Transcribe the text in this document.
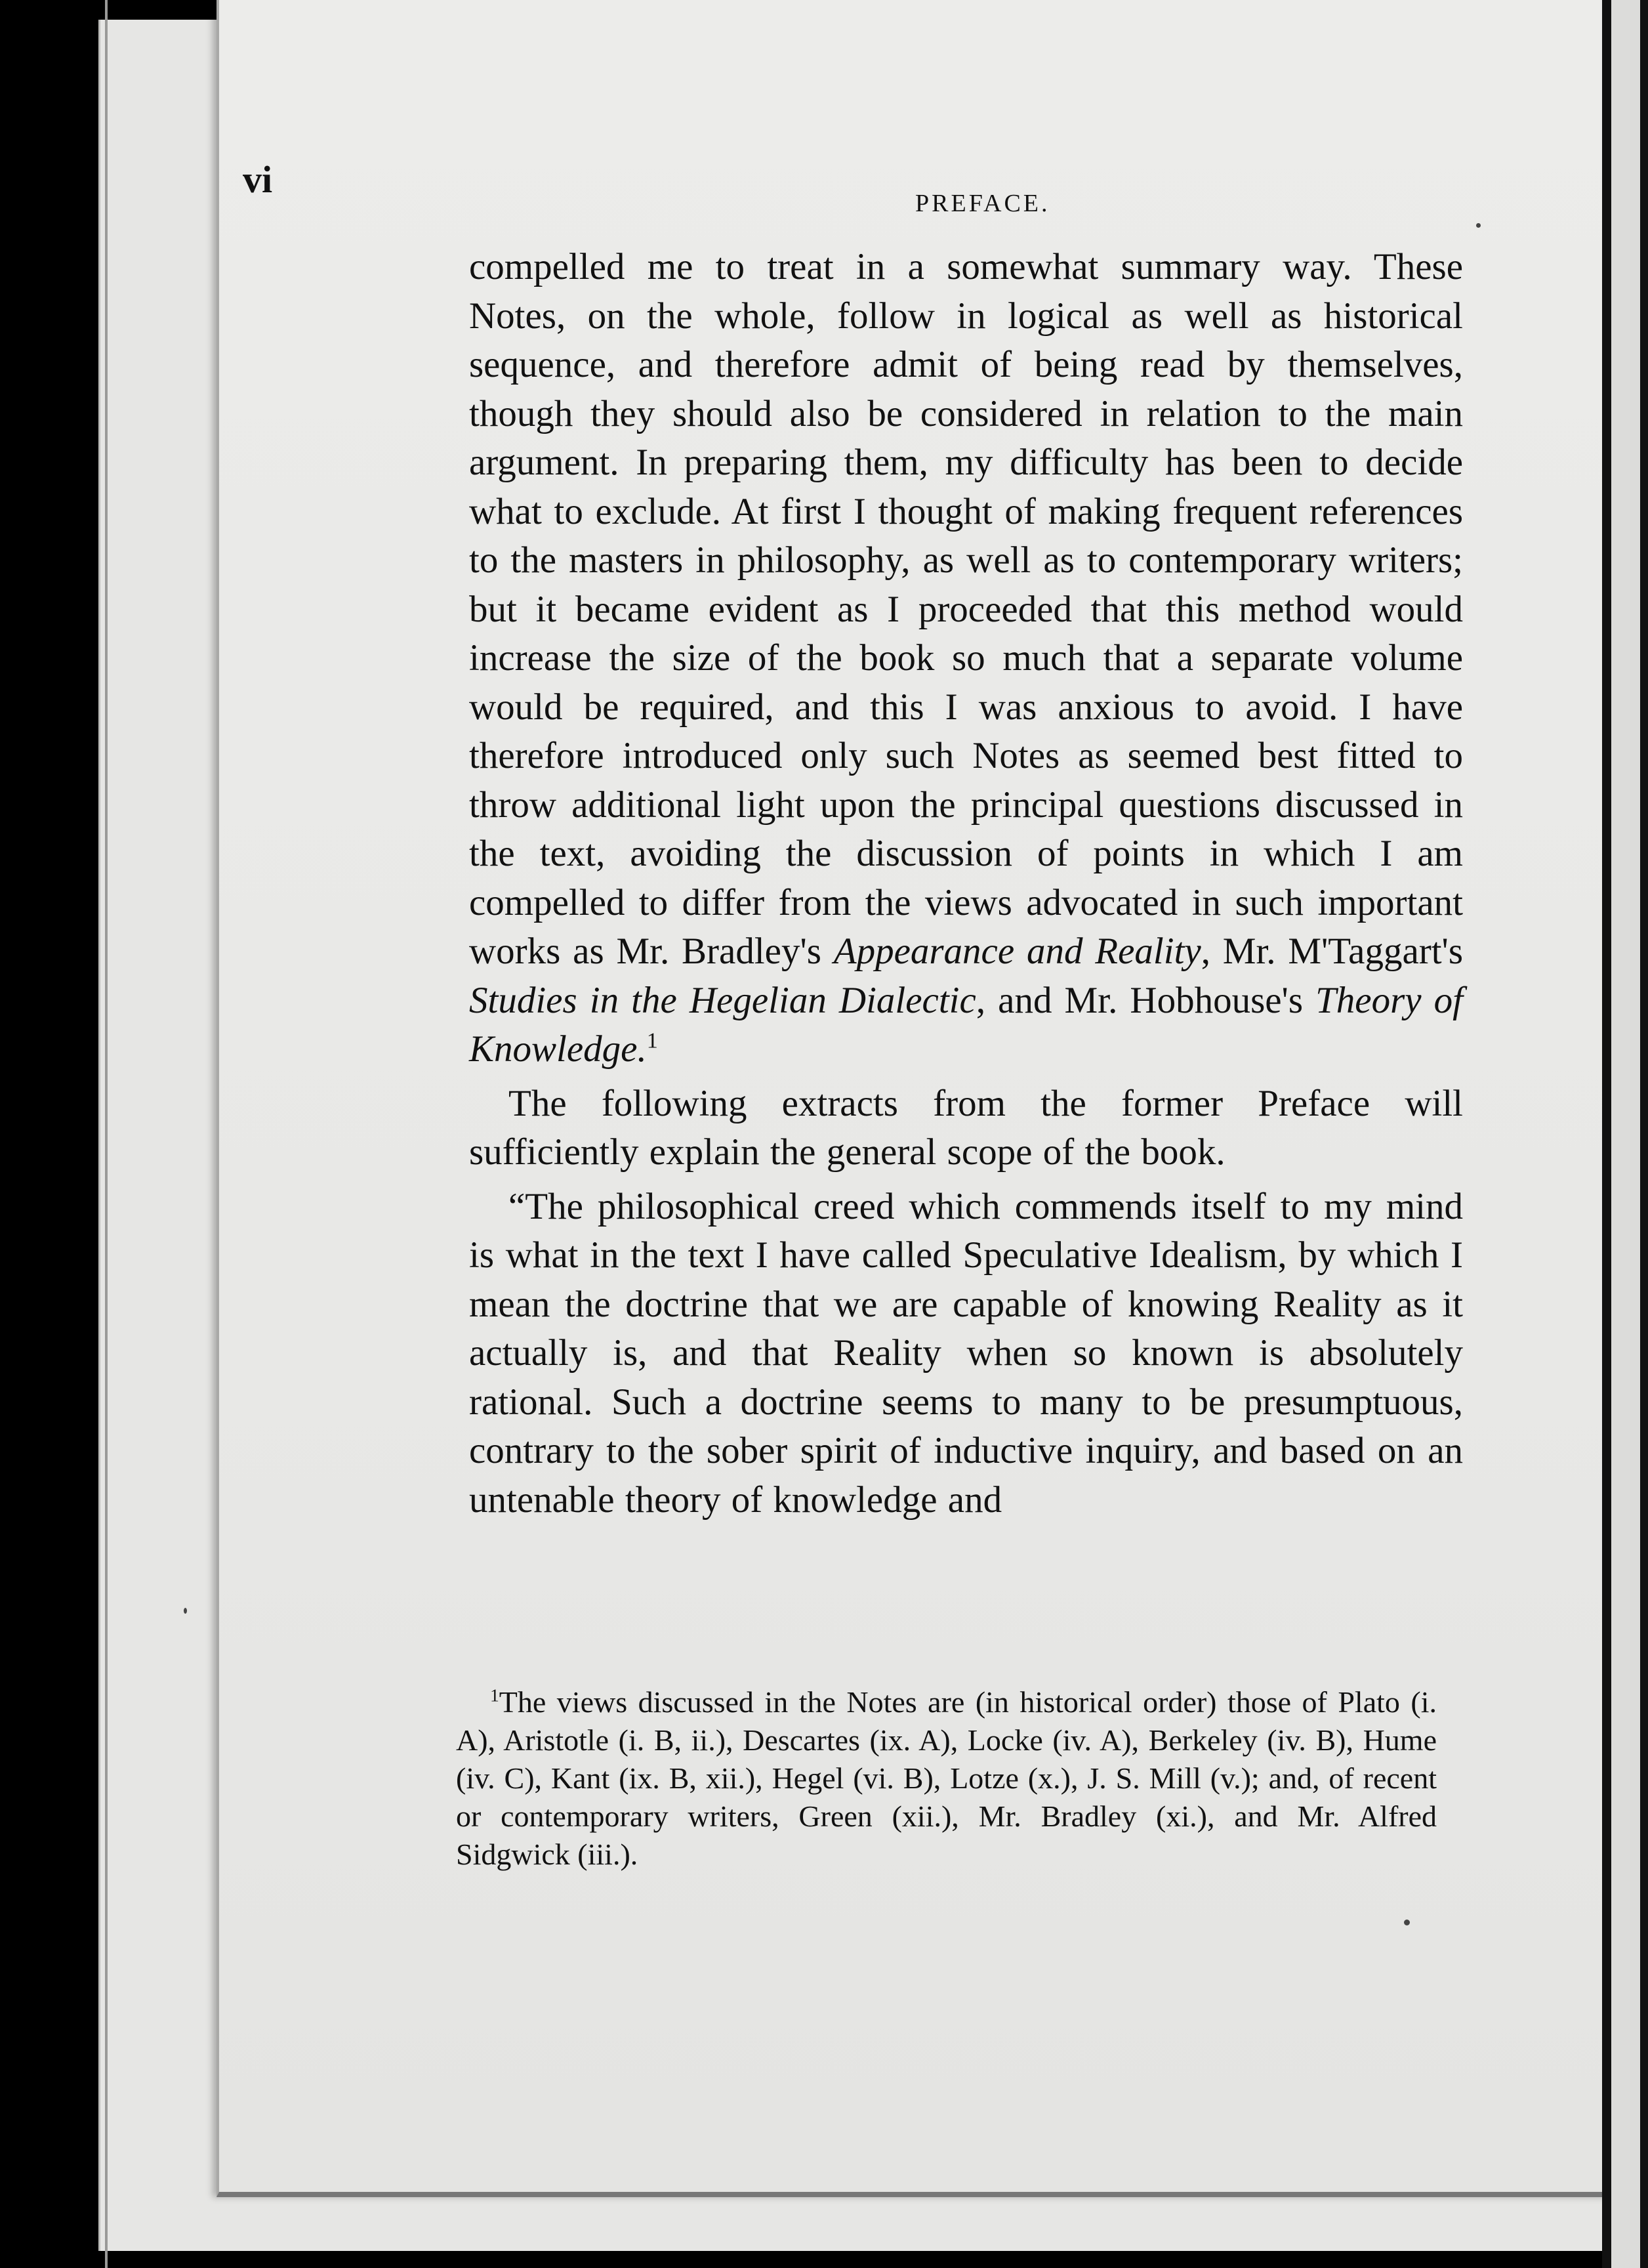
vi
PREFACE.

compelled me to treat in a somewhat summary way. These Notes, on the whole, follow in logical as well as historical sequence, and therefore admit of being read by themselves, though they should also be considered in relation to the main argument. In preparing them, my difficulty has been to decide what to exclude. At first I thought of making frequent references to the masters in philosophy, as well as to contemporary writers; but it became evident as I proceeded that this method would increase the size of the book so much that a separate volume would be required, and this I was anxious to avoid. I have therefore introduced only such Notes as seemed best fitted to throw additional light upon the principal questions discussed in the text, avoiding the discussion of points in which I am compelled to differ from the views advocated in such important works as Mr. Bradley's Appearance and Reality, Mr. M'Taggart's Studies in the Hegelian Dialectic, and Mr. Hobhouse's Theory of Knowledge.$^1$

The following extracts from the former Preface will sufficiently explain the general scope of the book.

“The philosophical creed which commends itself to my mind is what in the text I have called Speculative Idealism, by which I mean the doctrine that we are capable of knowing Reality as it actually is, and that Reality when so known is absolutely rational. Such a doctrine seems to many to be presumptuous, contrary to the sober spirit of inductive inquiry, and based on an untenable theory of knowledge and

$^1$The views discussed in the Notes are (in historical order) those of Plato (i. A), Aristotle (i. B, ii.), Descartes (ix. A), Locke (iv. A), Berkeley (iv. B), Hume (iv. C), Kant (ix. B, xii.), Hegel (vi. B), Lotze (x.), J. S. Mill (v.); and, of recent or contemporary writers, Green (xii.), Mr. Bradley (xi.), and Mr. Alfred Sidgwick (iii.).
